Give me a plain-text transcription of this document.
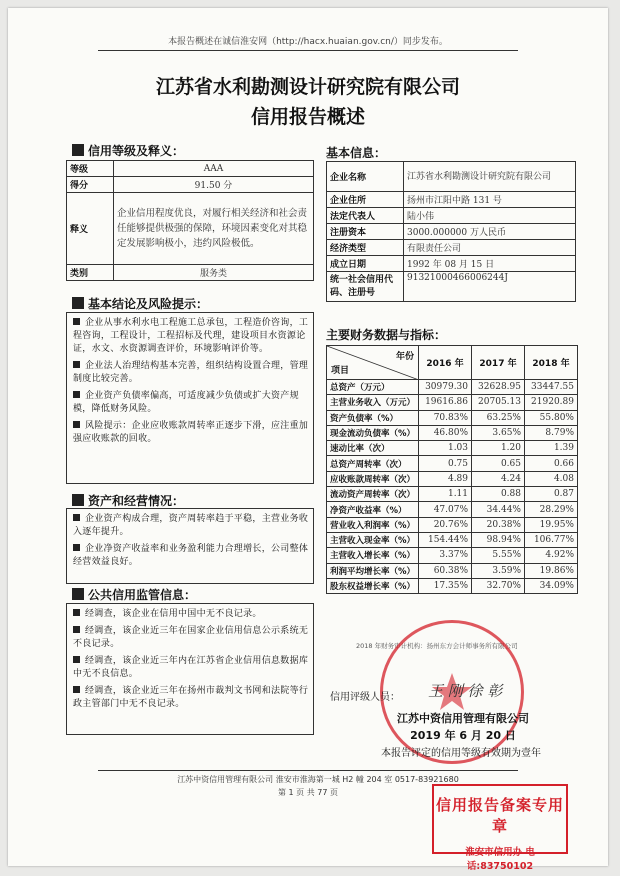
本报告概述在诚信淮安网（http://hacx.huaian.gov.cn/）同步发布。
江苏省水利勘测设计研究院有限公司
信用报告概述
信用等级及释义：
等级	AAA
得分	91.50 分
释义	企业信用程度优良，对履行相关经济和社会责任能够提供极强的保障，环境因素变化对其稳定发展影响极小，违约风险极低。
类别	服务类
基本结论及风险提示：
企业从事水利水电工程施工总承包，工程造价咨询，工程咨询，工程设计，工程招标及代理，建设项目水资源论证，水文、水资源调查评价，环境影响评价等。
企业法人治理结构基本完善，组织结构设置合理，管理制度比较完善。
企业资产负债率偏高，可适度减少负债或扩大资产规模，降低财务风险。
风险提示：企业应收账款周转率正逐步下滑，应注重加强应收账款的回收。
资产和经营情况：
企业资产构成合理，资产周转率趋于平稳，主营业务收入逐年提升。
企业净资产收益率和业务盈利能力合理增长，公司整体经营效益良好。
公共信用监管信息：
经调查，该企业在信用中国中无不良记录。
经调查，该企业近三年在国家企业信用信息公示系统无不良记录。
经调查，该企业近三年内在江苏省企业信用信息数据库中无不良信息。
经调查，该企业近三年在扬州市裁判文书网和法院等行政主管部门中无不良记录。
基本信息：
企业名称	江苏省水利勘测设计研究院有限公司
企业住所	扬州市江阳中路 131 号
法定代表人	陆小伟
注册资本	3000.000000 万人民币
经济类型	有限责任公司
成立日期	1992 年 08 月 15 日
统一社会信用代码、注册号	91321000466006244J
主要财务数据与指标：
年份
项目	2016 年	2017 年	2018 年
总资产（万元）	30979.30	32628.95	33447.55
主营业务收入（万元）	19616.86	20705.13	21920.89
资产负债率（%）	70.83%	63.25%	55.80%
现金流动负债率（%）	46.80%	3.65%	8.79%
速动比率（次）	1.03	1.20	1.39
总资产周转率（次）	0.75	0.65	0.66
应收账款周转率（次）	4.89	4.24	4.08
流动资产周转率（次）	1.11	0.88	0.87
净资产收益率（%）	47.07%	34.44%	28.29%
营业收入利润率（%）	20.76%	20.38%	19.95%
主营收入现金率（%）	154.44%	98.94%	106.77%
主营收入增长率（%）	3.37%	5.55%	4.92%
利润平均增长率（%）	60.38%	3.59%	19.86%
股东权益增长率（%）	17.35%	32.70%	34.09%
2018 年财务审计机构：扬州东方会计师事务所有限公司
信用评级人员： 王 刚 徐 彰
江苏中资信用管理有限公司
2019 年 6 月 20 日
本报告评定的信用等级有效期为壹年
江苏中资信用管理有限公司 淮安市淮海第一城 H2 幢 204 室 0517-83921680
第 1 页 共 77 页
信用报告备案专用章
淮安市信用办 电话:83750102
